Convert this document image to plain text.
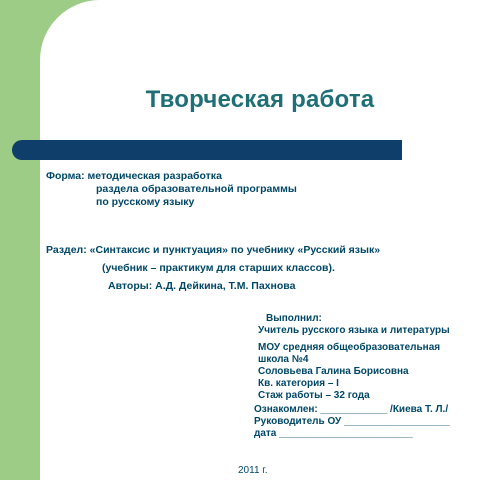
Управление образования администрации
Навашинского района Нижегородской области
Муниципальное образовательное учреждение
средняя общеобразовательная школа №4
Творческая работа
Форма: методическая разработка
раздела образовательной программы
по русскому языку
Раздел: «Синтаксис и пунктуация» по учебнику «Русский язык»
(учебник – практикум для старших классов).
Авторы: А.Д. Дейкина, Т.М. Пахнова
Выполнил:
Учитель русского языка и литературы
МОУ средняя общеобразовательная
школа №4
Соловьева Галина Борисовна
Кв. категория – I
Стаж работы – 32 года
Ознакомлен: ____________ /Киева Т. Л./
Руководитель ОУ ___________________
дата ________________________
2011 г.
